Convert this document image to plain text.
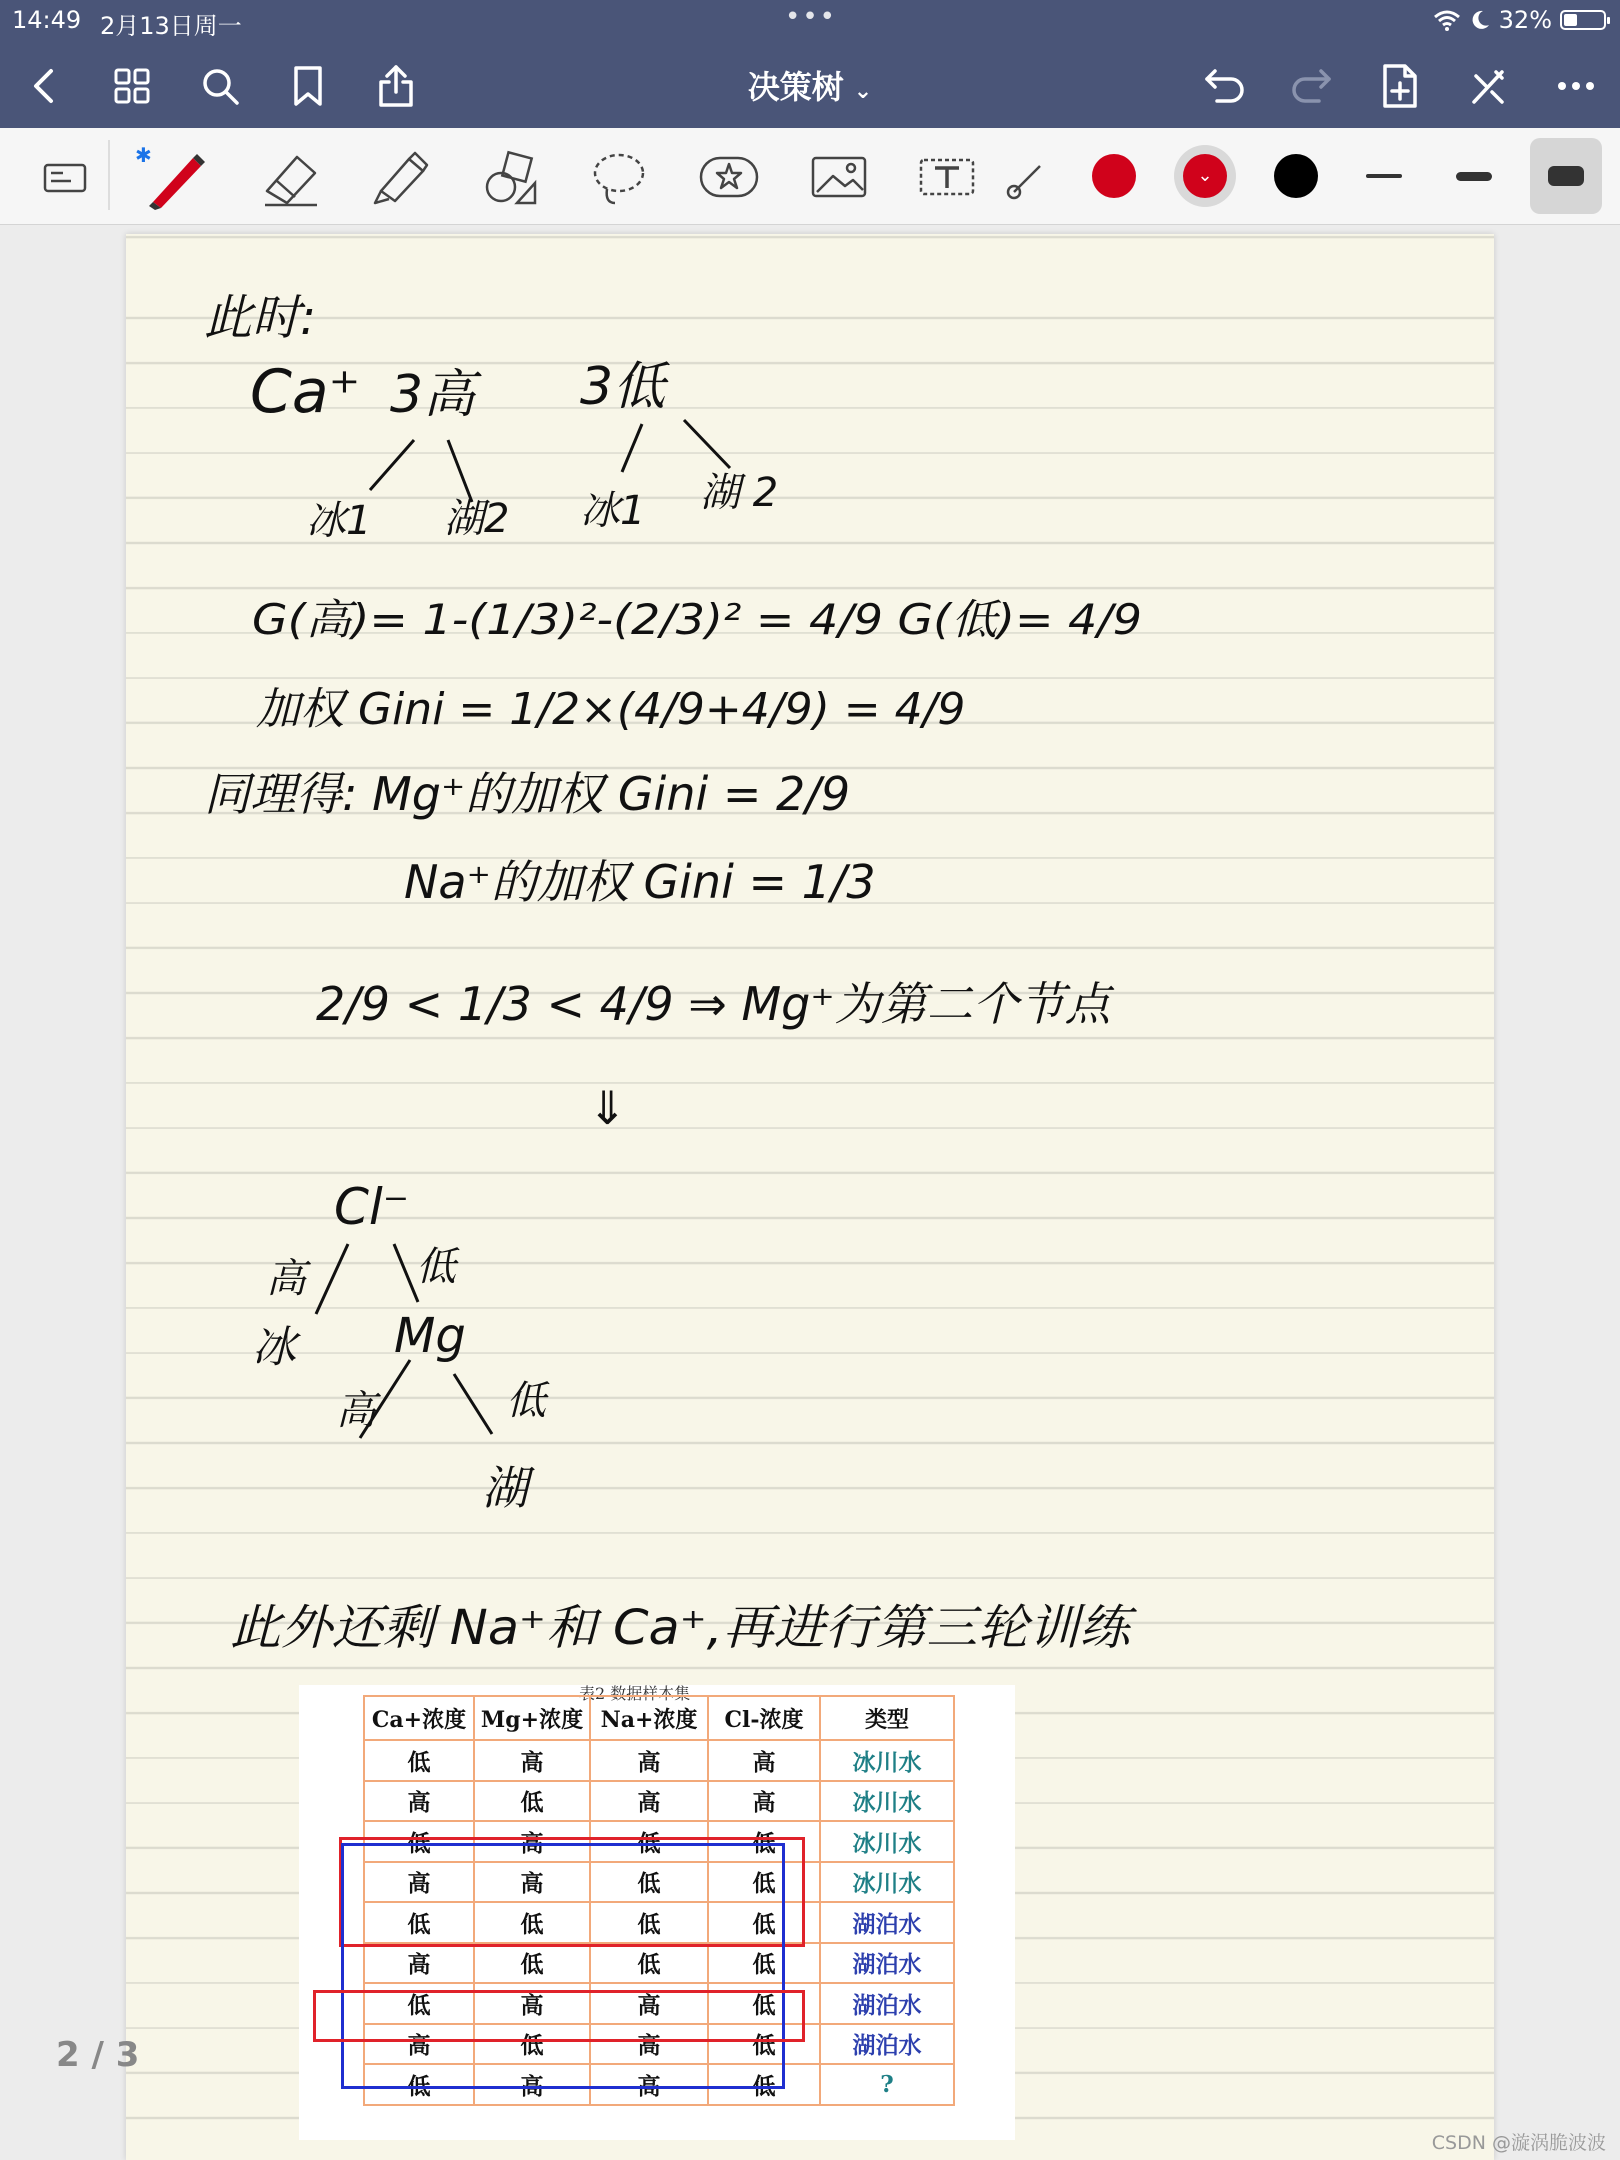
14:49 2月13日周一	•••	32%
决策树 ⌄
✱
⌄
此时:
Ca⁺ 3高 3低
冰1 湖2 冰1 湖 2
G(高)= 1-(1/3)²-(2/3)² = 4/9 G(低)= 4/9
加权 Gini = 1/2×(4/9+4/9) = 4/9
同理得: Mg⁺的加权 Gini = 2/9
Na⁺的加权 Gini = 1/3
2/9 < 1/3 < 4/9 ⇒ Mg⁺为第二个节点
⇓
Cl⁻
高	低
冰 Mg
高	低
湖
此外还剩 Na⁺和 Ca⁺,再进行第三轮训练
表2 数据样本集
Ca+浓度	Mg+浓度	Na+浓度	Cl-浓度	类型
低	高	高	高	冰川水
高	低	高	高	冰川水
低	高	低	低	冰川水
高	高	低	低	冰川水
低	低	低	低	湖泊水
高	低	低	低	湖泊水
低	高	高	低	湖泊水
高	低	高	低	湖泊水
低	高	高	低	?
2 / 3
CSDN @漩涡脆波波
